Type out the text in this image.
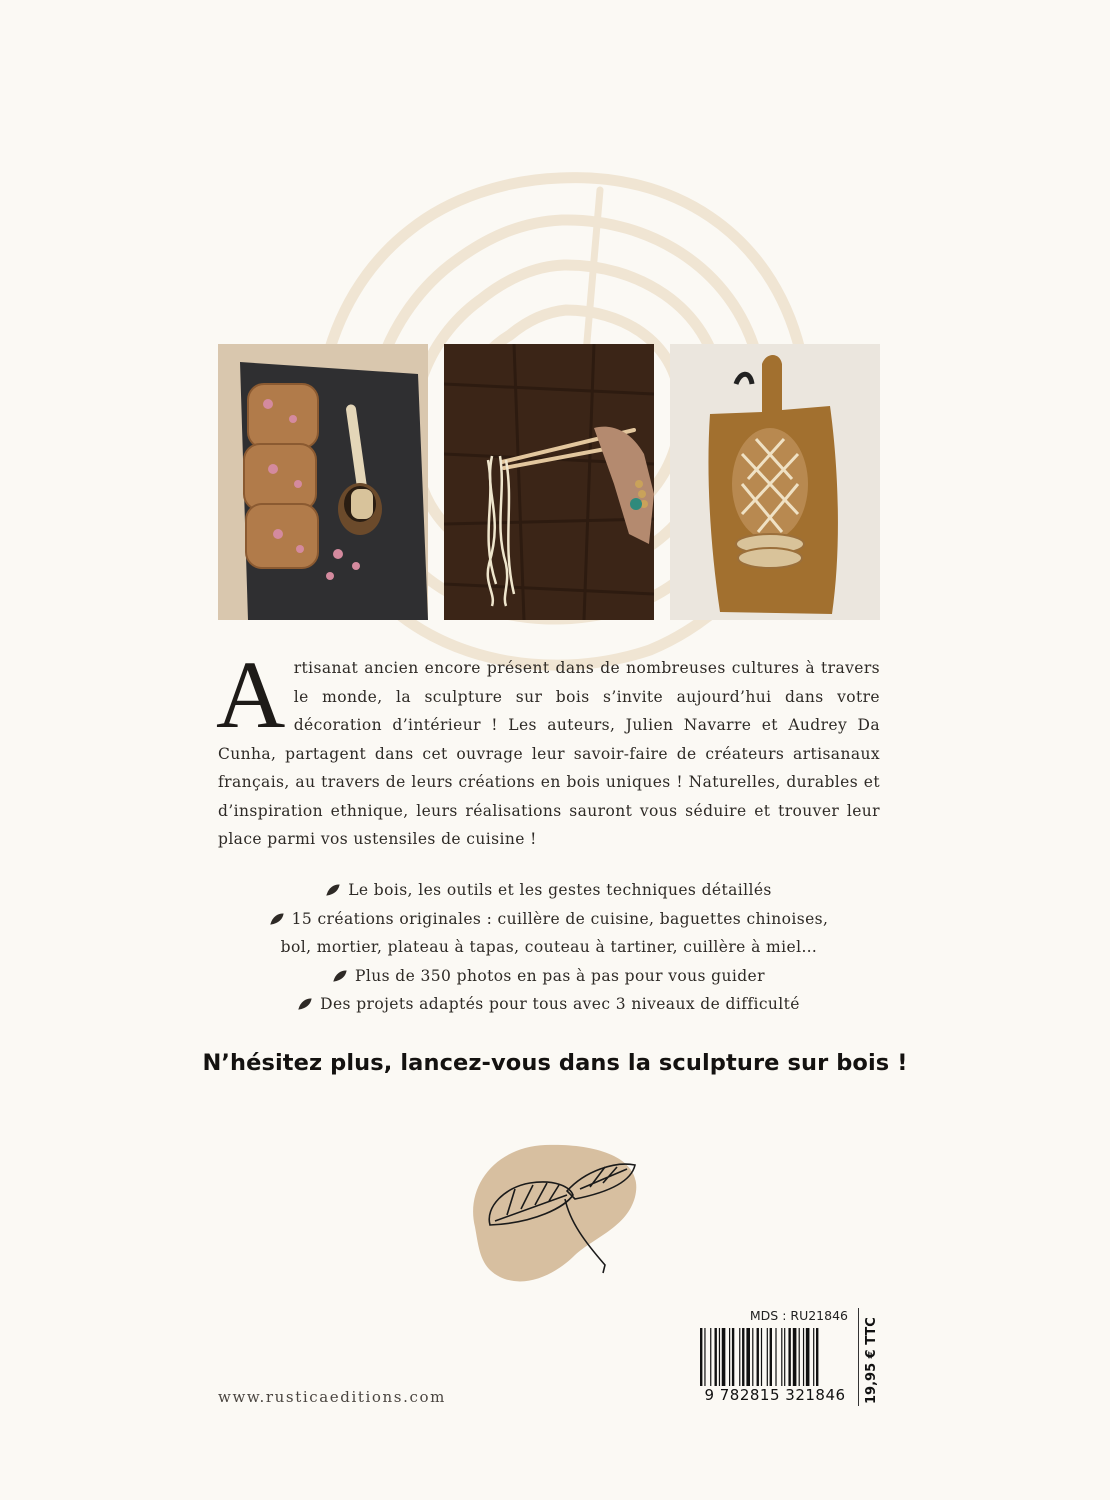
Artisanat ancien encore présent dans de nombreuses cultures à travers le monde, la sculpture sur bois s’invite aujourd’hui dans votre décoration d’intérieur ! Les auteurs, Julien Navarre et Audrey Da Cunha, partagent dans cet ouvrage leur savoir-faire de créateurs artisanaux français, au travers de leurs créations en bois uniques ! Naturelles, durables et d’inspiration ethnique, leurs réalisations sauront vous séduire et trouver leur place parmi vos ustensiles de cuisine !
Le bois, les outils et les gestes techniques détaillés
15 créations originales : cuillère de cuisine, baguettes chinoises,
bol, mortier, plateau à tapas, couteau à tartiner, cuillère à miel…
Plus de 350 photos en pas à pas pour vous guider
Des projets adaptés pour tous avec 3 niveaux de difficulté
N’hésitez plus, lancez-vous dans la sculpture sur bois !
www.rusticaeditions.com
MDS : RU21846
9 782815 321846	19,95 € TTC
